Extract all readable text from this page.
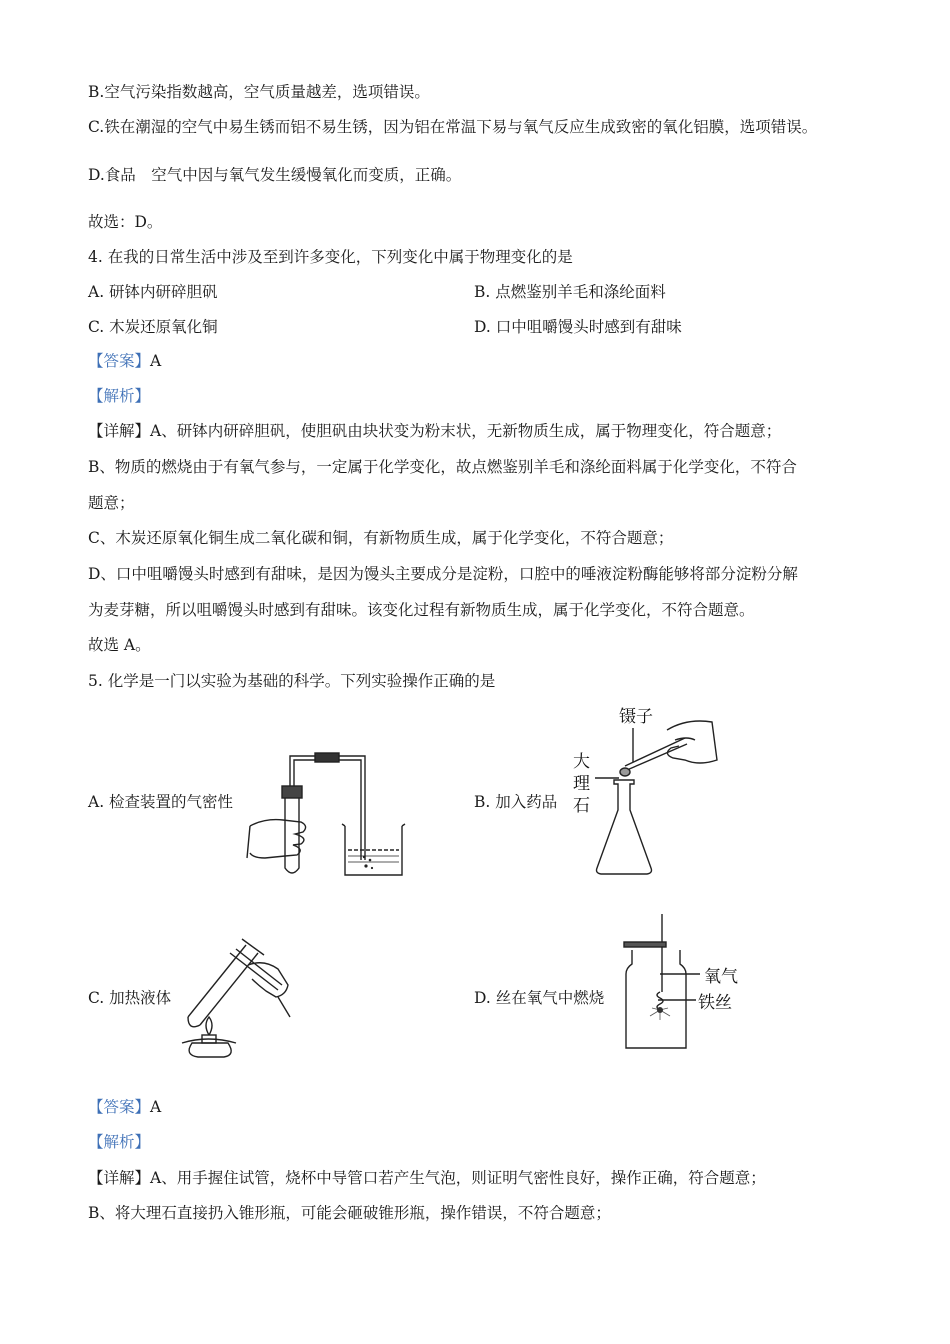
B.空气污染指数越高，空气质量越差，选项错误。
C.铁在潮湿的空气中易生锈而铝不易生锈，因为铝在常温下易与氧气反应生成致密的氧化铝膜，选项错误。
D.食品　空气中因与氧气发生缓慢氧化而变质，正确。
故选：D。
4. 在我的日常生活中涉及至到许多变化，下列变化中属于物理变化的是
A. 研钵内研碎胆矾	B. 点燃鉴别羊毛和涤纶面料
C. 木炭还原氧化铜	D. 口中咀嚼馒头时感到有甜味
【答案】A
【解析】
【详解】A、研钵内研碎胆矾，使胆矾由块状变为粉末状，无新物质生成，属于物理变化，符合题意；
B、物质的燃烧由于有氧气参与，一定属于化学变化，故点燃鉴别羊毛和涤纶面料属于化学变化，不符合
题意；
C、木炭还原氧化铜生成二氧化碳和铜，有新物质生成，属于化学变化，不符合题意；
D、口中咀嚼馒头时感到有甜味，是因为馒头主要成分是淀粉，口腔中的唾液淀粉酶能够将部分淀粉分解
为麦芽糖，所以咀嚼馒头时感到有甜味。该变化过程有新物质生成，属于化学变化，不符合题意。
故选 A。
5. 化学是一门以实验为基础的科学。下列实验操作正确的是
A. 检查装置的气密性	B. 加入药品
C. 加热液体	D. 丝在氧气中燃烧
镊子
大
理
石
氧气
铁丝
【答案】A
【解析】
【详解】A、用手握住试管，烧杯中导管口若产生气泡，则证明气密性良好，操作正确，符合题意；
B、将大理石直接扔入锥形瓶，可能会砸破锥形瓶，操作错误，不符合题意；
